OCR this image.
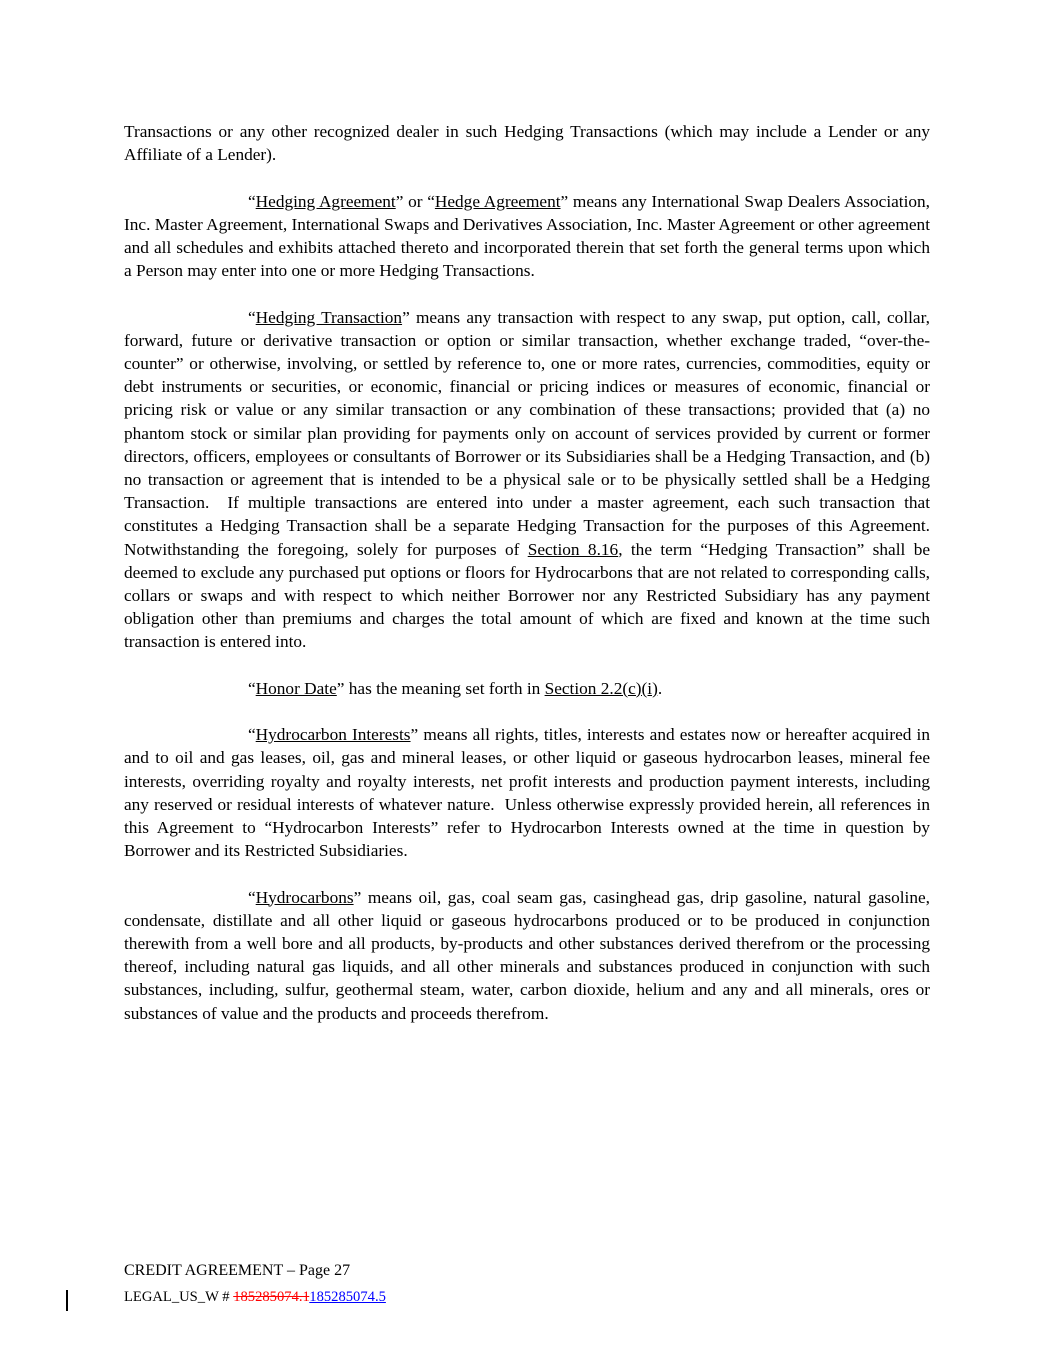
Transactions or any other recognized dealer in such Hedging Transactions (which may include a Lender or any Affiliate of a Lender).

“Hedging Agreement” or “Hedge Agreement” means any International Swap Dealers Association, Inc. Master Agreement, International Swaps and Derivatives Association, Inc. Master Agreement or other agreement and all schedules and exhibits attached thereto and incorporated therein that set forth the general terms upon which a Person may enter into one or more Hedging Transactions.

“Hedging Transaction” means any transaction with respect to any swap, put option, call, collar, forward, future or derivative transaction or option or similar transaction, whether exchange traded, “over-the-counter” or otherwise, involving, or settled by reference to, one or more rates, currencies, commodities, equity or debt instruments or securities, or economic, financial or pricing indices or measures of economic, financial or pricing risk or value or any similar transaction or any combination of these transactions; provided that (a) no phantom stock or similar plan providing for payments only on account of services provided by current or former directors, officers, employees or consultants of Borrower or its Subsidiaries shall be a Hedging Transaction, and (b) no transaction or agreement that is intended to be a physical sale or to be physically settled shall be a Hedging Transaction.  If multiple transactions are entered into under a master agreement, each such transaction that constitutes a Hedging Transaction shall be a separate Hedging Transaction for the purposes of this Agreement.  Notwithstanding the foregoing, solely for purposes of Section 8.16, the term “Hedging Transaction” shall be deemed to exclude any purchased put options or floors for Hydrocarbons that are not related to corresponding calls, collars or swaps and with respect to which neither Borrower nor any Restricted Subsidiary has any payment obligation other than premiums and charges the total amount of which are fixed and known at the time such transaction is entered into.

“Honor Date” has the meaning set forth in Section 2.2(c)(i).

“Hydrocarbon Interests” means all rights, titles, interests and estates now or hereafter acquired in and to oil and gas leases, oil, gas and mineral leases, or other liquid or gaseous hydrocarbon leases, mineral fee interests, overriding royalty and royalty interests, net profit interests and production payment interests, including any reserved or residual interests of whatever nature.  Unless otherwise expressly provided herein, all references in this Agreement to “Hydrocarbon Interests” refer to Hydrocarbon Interests owned at the time in question by Borrower and its Restricted Subsidiaries.

“Hydrocarbons” means oil, gas, coal seam gas, casinghead gas, drip gasoline, natural gasoline, condensate, distillate and all other liquid or gaseous hydrocarbons produced or to be produced in conjunction therewith from a well bore and all products, by-products and other substances derived therefrom or the processing thereof, including natural gas liquids, and all other minerals and substances produced in conjunction with such substances, including, sulfur, geothermal steam, water, carbon dioxide, helium and any and all minerals, ores or substances of value and the products and proceeds therefrom.

CREDIT AGREEMENT – Page 27
LEGAL_US_W # 185285074.1185285074.5
